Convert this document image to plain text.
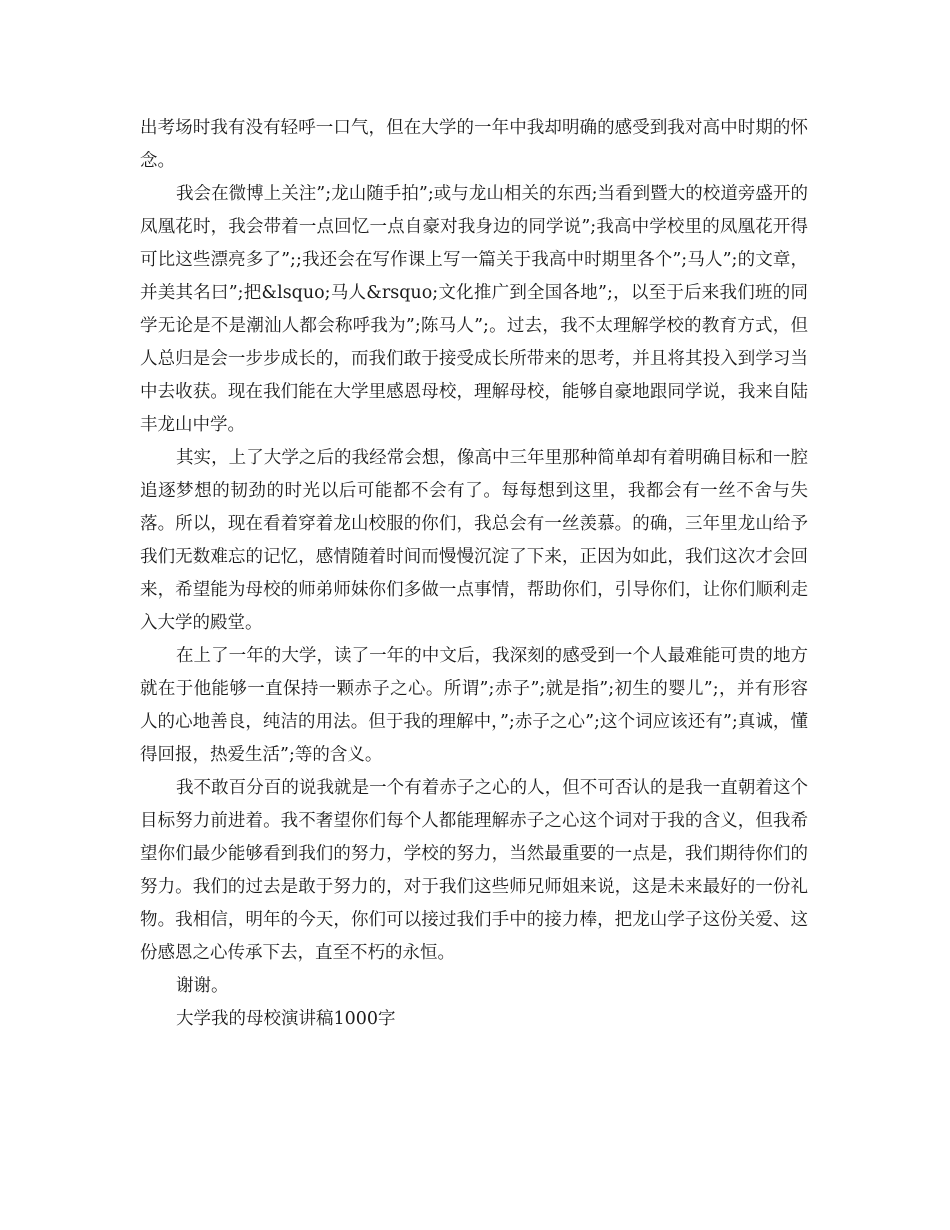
出考场时我有没有轻呼一口气，但在大学的一年中我却明确的感受到我对高中时期的怀念。

我会在微博上关注”;龙山随手拍”;或与龙山相关的东西;当看到暨大的校道旁盛开的凤凰花时，我会带着一点回忆一点自豪对我身边的同学说”;我高中学校里的凤凰花开得可比这些漂亮多了”;;我还会在写作课上写一篇关于我高中时期里各个”;马人”;的文章，并美其名曰”;把&lsquo;马人&rsquo;文化推广到全国各地”;，以至于后来我们班的同学无论是不是潮汕人都会称呼我为”;陈马人”;。过去，我不太理解学校的教育方式，但人总归是会一步步成长的，而我们敢于接受成长所带来的思考，并且将其投入到学习当中去收获。现在我们能在大学里感恩母校，理解母校，能够自豪地跟同学说，我来自陆丰龙山中学。

其实，上了大学之后的我经常会想，像高中三年里那种简单却有着明确目标和一腔追逐梦想的韧劲的时光以后可能都不会有了。每每想到这里，我都会有一丝不舍与失落。所以，现在看着穿着龙山校服的你们，我总会有一丝羡慕。的确，三年里龙山给予我们无数难忘的记忆，感情随着时间而慢慢沉淀了下来，正因为如此，我们这次才会回来，希望能为母校的师弟师妹你们多做一点事情，帮助你们，引导你们，让你们顺利走入大学的殿堂。

在上了一年的大学，读了一年的中文后，我深刻的感受到一个人最难能可贵的地方就在于他能够一直保持一颗赤子之心。所谓”;赤子”;就是指”;初生的婴儿”;，并有形容人的心地善良，纯洁的用法。但于我的理解中，”;赤子之心”;这个词应该还有”;真诚，懂得回报，热爱生活”;等的含义。

我不敢百分百的说我就是一个有着赤子之心的人，但不可否认的是我一直朝着这个目标努力前进着。我不奢望你们每个人都能理解赤子之心这个词对于我的含义，但我希望你们最少能够看到我们的努力，学校的努力，当然最重要的一点是，我们期待你们的努力。我们的过去是敢于努力的，对于我们这些师兄师姐来说，这是未来最好的一份礼物。我相信，明年的今天，你们可以接过我们手中的接力棒，把龙山学子这份关爱、这份感恩之心传承下去，直至不朽的永恒。

谢谢。

大学我的母校演讲稿1000字
